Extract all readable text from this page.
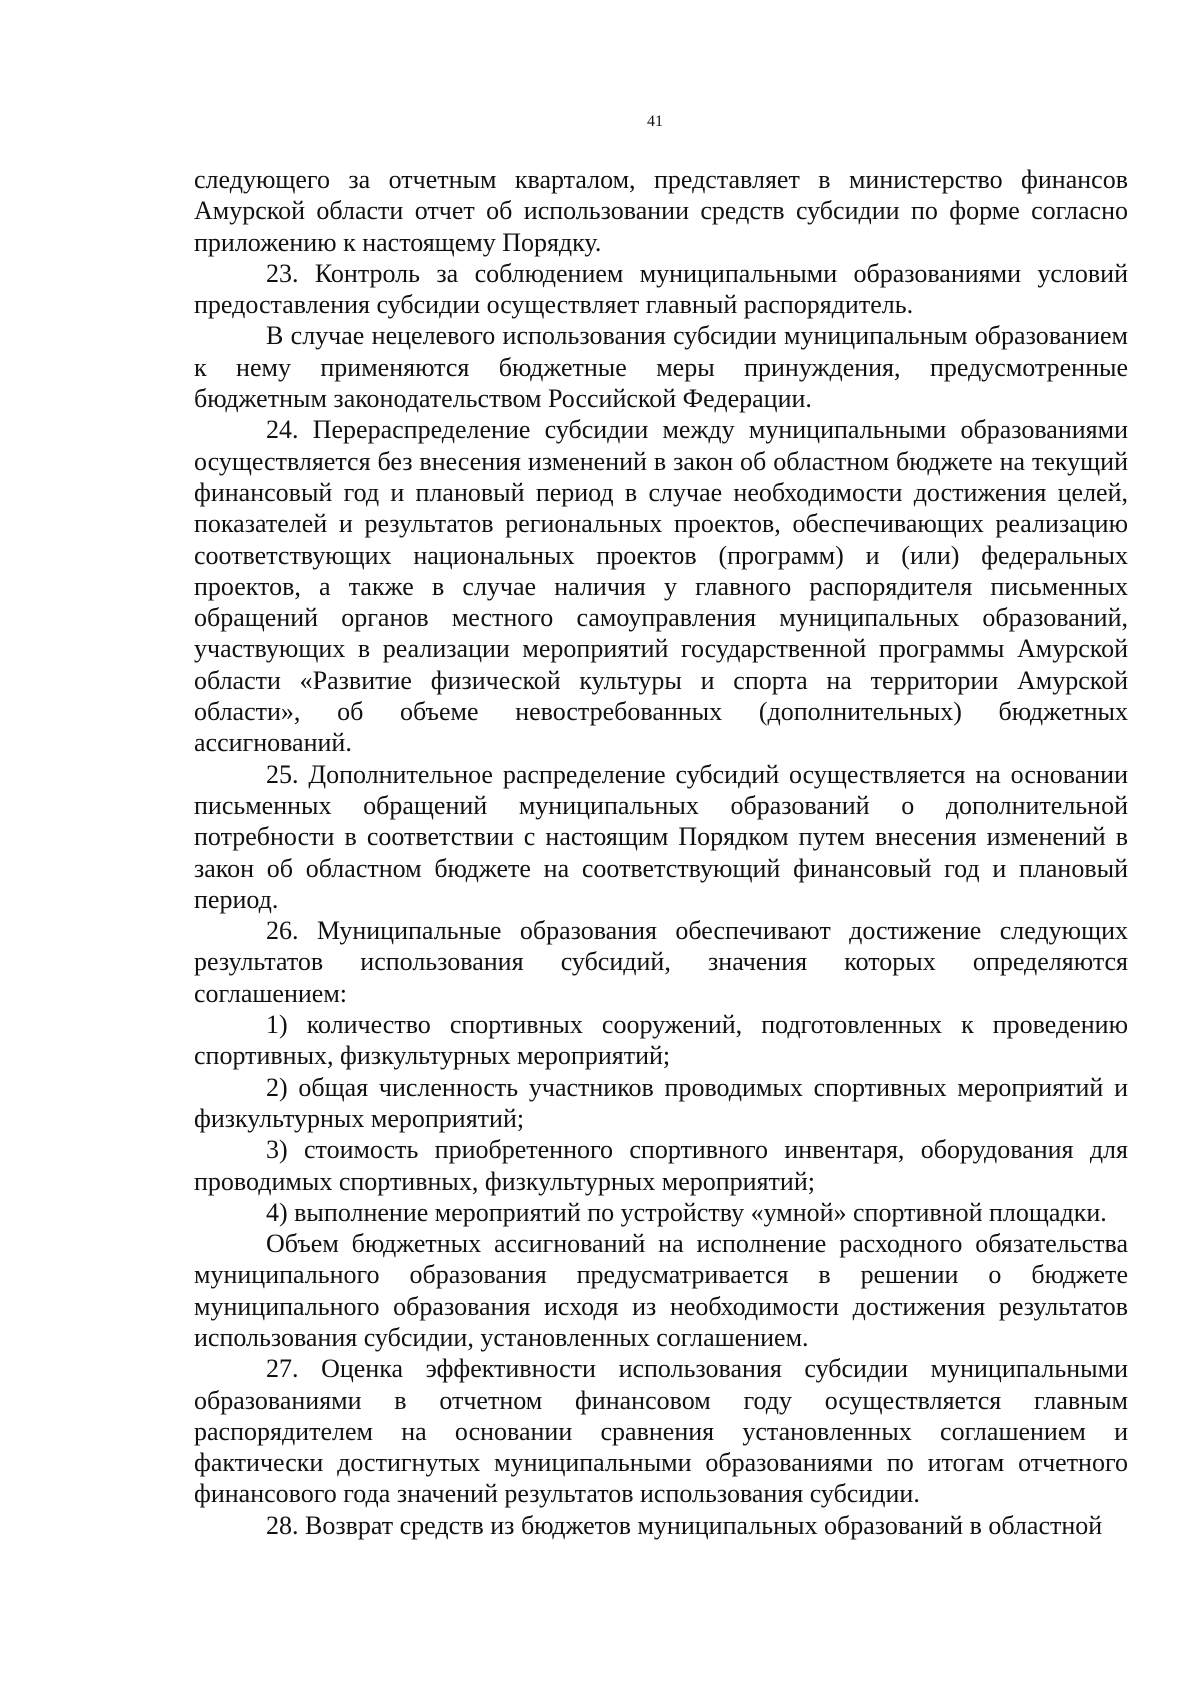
41

следующего за отчетным кварталом, представляет в министерство финансов Амурской области отчет об использовании средств субсидии по форме согласно приложению к настоящему Порядку.

23. Контроль за соблюдением муниципальными образованиями условий предоставления субсидии осуществляет главный распорядитель.

В случае нецелевого использования субсидии муниципальным образованием к нему применяются бюджетные меры принуждения, предусмотренные бюджетным законодательством Российской Федерации.

24. Перераспределение субсидии между муниципальными образованиями осуществляется без внесения изменений в закон об областном бюджете на текущий финансовый год и плановый период в случае необходимости достижения целей, показателей и результатов региональных проектов, обеспечивающих реализацию соответствующих национальных проектов (программ) и (или) федеральных проектов, а также в случае наличия у главного распорядителя письменных обращений органов местного самоуправления муниципальных образований, участвующих в реализации мероприятий государственной программы Амурской области «Развитие физической культуры и спорта на территории Амурской области», об объеме невостребованных (дополнительных) бюджетных ассигнований.

25. Дополнительное распределение субсидий осуществляется на основании письменных обращений муниципальных образований о дополнительной потребности в соответствии с настоящим Порядком путем внесения изменений в закон об областном бюджете на соответствующий финансовый год и плановый период.

26. Муниципальные образования обеспечивают достижение следующих результатов использования субсидий, значения которых определяются соглашением:

1) количество спортивных сооружений, подготовленных к проведению спортивных, физкультурных мероприятий;

2) общая численность участников проводимых спортивных мероприятий и физкультурных мероприятий;

3) стоимость приобретенного спортивного инвентаря, оборудования для проводимых спортивных, физкультурных мероприятий;

4) выполнение мероприятий по устройству «умной» спортивной площадки.

Объем бюджетных ассигнований на исполнение расходного обязательства муниципального образования предусматривается в решении о бюджете муниципального образования исходя из необходимости достижения результатов использования субсидии, установленных соглашением.

27. Оценка эффективности использования субсидии муниципальными образованиями в отчетном финансовом году осуществляется главным распорядителем на основании сравнения установленных соглашением и фактически достигнутых муниципальными образованиями по итогам отчетного финансового года значений результатов использования субсидии.

28. Возврат средств из бюджетов муниципальных образований в областной
